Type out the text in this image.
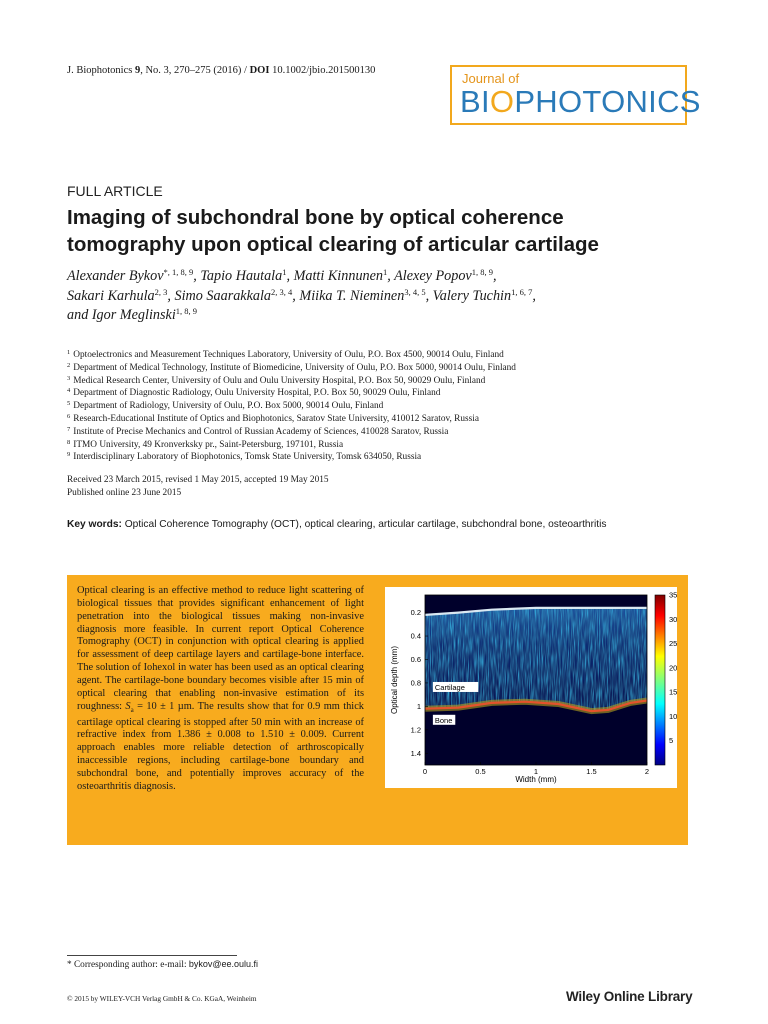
J. Biophotonics 9, No. 3, 270–275 (2016) / DOI 10.1002/jbio.201500130
Journal of
BIOPHOTONICS
FULL ARTICLE
Imaging of subchondral bone by optical coherence
tomography upon optical clearing of articular cartilage
Alexander Bykov$^{*, 1, 8, 9}$, Tapio Hautala$^1$, Matti Kinnunen$^1$, Alexey Popov$^{1, 8, 9}$,
Sakari Karhula$^{2, 3}$, Simo Saarakkala$^{2, 3, 4}$, Miika T. Nieminen$^{3, 4, 5}$, Valery Tuchin$^{1, 6, 7}$,
and Igor Meglinski$^{1, 8, 9}$
$^1$ Optoelectronics and Measurement Techniques Laboratory, University of Oulu, P.O. Box 4500, 90014 Oulu, Finland
$^2$ Department of Medical Technology, Institute of Biomedicine, University of Oulu, P.O. Box 5000, 90014 Oulu, Finland
$^3$ Medical Research Center, University of Oulu and Oulu University Hospital, P.O. Box 50, 90029 Oulu, Finland
$^4$ Department of Diagnostic Radiology, Oulu University Hospital, P.O. Box 50, 90029 Oulu, Finland
$^5$ Department of Radiology, University of Oulu, P.O. Box 5000, 90014 Oulu, Finland
$^6$ Research-Educational Institute of Optics and Biophotonics, Saratov State University, 410012 Saratov, Russia
$^7$ Institute of Precise Mechanics and Control of Russian Academy of Sciences, 410028 Saratov, Russia
$^8$ ITMO University, 49 Kronverksky pr., Saint-Petersburg, 197101, Russia
$^9$ Interdisciplinary Laboratory of Biophotonics, Tomsk State University, Tomsk 634050, Russia
Received 23 March 2015, revised 1 May 2015, accepted 19 May 2015
Published online 23 June 2015
Key words: Optical Coherence Tomography (OCT), optical clearing, articular cartilage, subchondral bone, osteoarthritis
Optical clearing is an effective method to reduce light scattering of biological tissues that provides significant enhancement of light penetration into the biological tissues making non-invasive diagnosis more feasible. In current report Optical Coherence Tomography (OCT) in conjunction with optical clearing is applied for assessment of deep cartilage layers and cartilage-bone interface. The solution of Iohexol in water has been used as an optical clearing agent. The cartilage-bone boundary becomes visible after 15 min of optical clearing that enabling non-invasive estimation of its roughness: $S_a = 10 \pm 1$ µm. The results show that for 0.9 mm thick cartilage optical clearing is stopped after 50 min with an increase of refractive index from 1.386 ± 0.008 to 1.510 ± 0.009. Current approach enables more reliable detection of arthroscopically inaccessible regions, including cartilage-bone boundary and subchondral bone, and potentially improves accuracy of the osteoarthritis diagnosis.
0	0.5	1	1.5	2
0.2
0.4
0.6
0.8
1
1.2
1.4
Cartilage
Bone
Width (mm)
Optical depth (mm)
35
30
25
20
15
10
5
* Corresponding author: e-mail: bykov@ee.oulu.fi
© 2015 by WILEY-VCH Verlag GmbH & Co. KGaA, Weinheim	Wiley Online Library
